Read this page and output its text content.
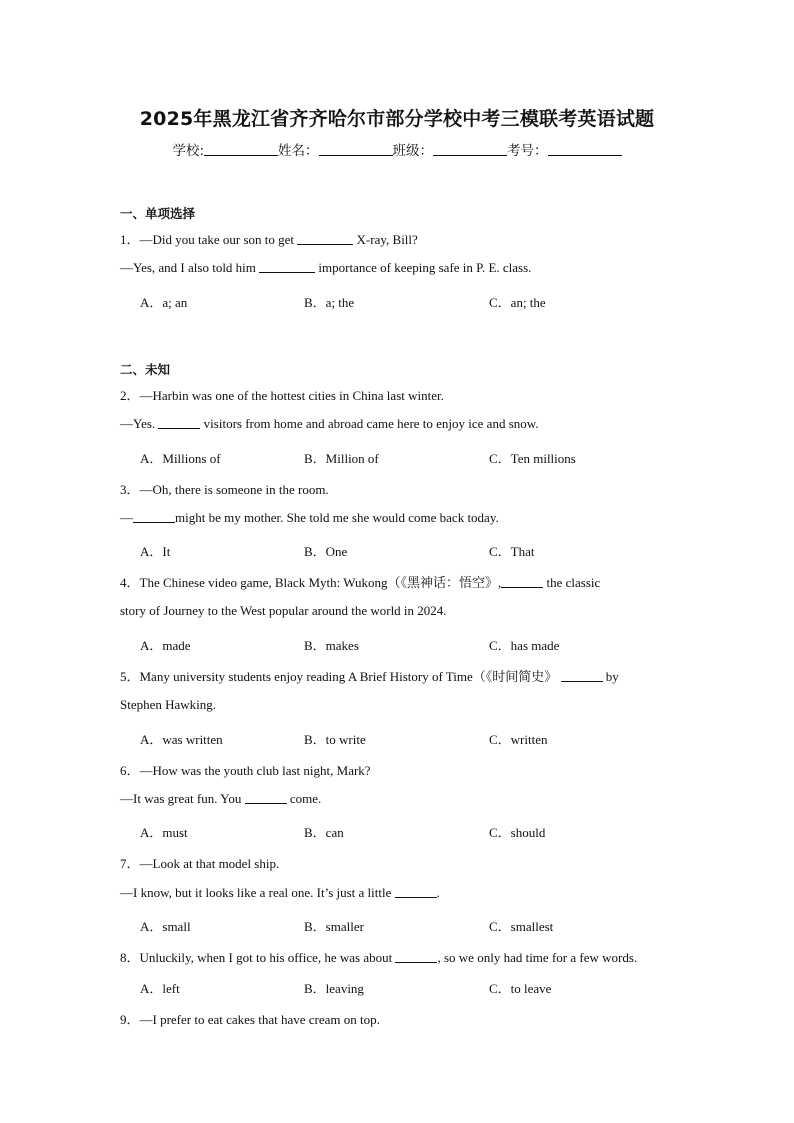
2025年黑龙江省齐齐哈尔市部分学校中考三模联考英语试题
学校:	姓名：	班级：	考号：
一、单项选择
1．—Did you take our son to get	X-ray, Bill?
—Yes, and I also told him	importance of keeping safe in P. E. class.
A．a; an	B．a; the	C．an; the
二、未知
2．—Harbin was one of the hottest cities in China last winter.
—Yes.	visitors from home and abroad came here to enjoy ice and snow.
A．Millions of	B．Million of	C．Ten millions
3．—Oh, there is someone in the room.
—	might be my mother. She told me she would come back today.
A．It	B．One	C．That
4．The Chinese video game, Black Myth: Wukong（《黑神话：悟空》,	the classic
story of Journey to the West popular around the world in 2024.
A．made	B．makes	C．has made
5．Many university students enjoy reading A Brief History of Time（《时间简史》	by
Stephen Hawking.
A．was written	B．to write	C．written
6．—How was the youth club last night, Mark?
—It was great fun. You	come.
A．must	B．can	C．should
7．—Look at that model ship.
—I know, but it looks like a real one. It’s just a little	.
A．small	B．smaller	C．smallest
8．Unluckily, when I got to his office, he was about	, so we only had time for a few words.
A．left	B．leaving	C．to leave
9．—I prefer to eat cakes that have cream on top.
